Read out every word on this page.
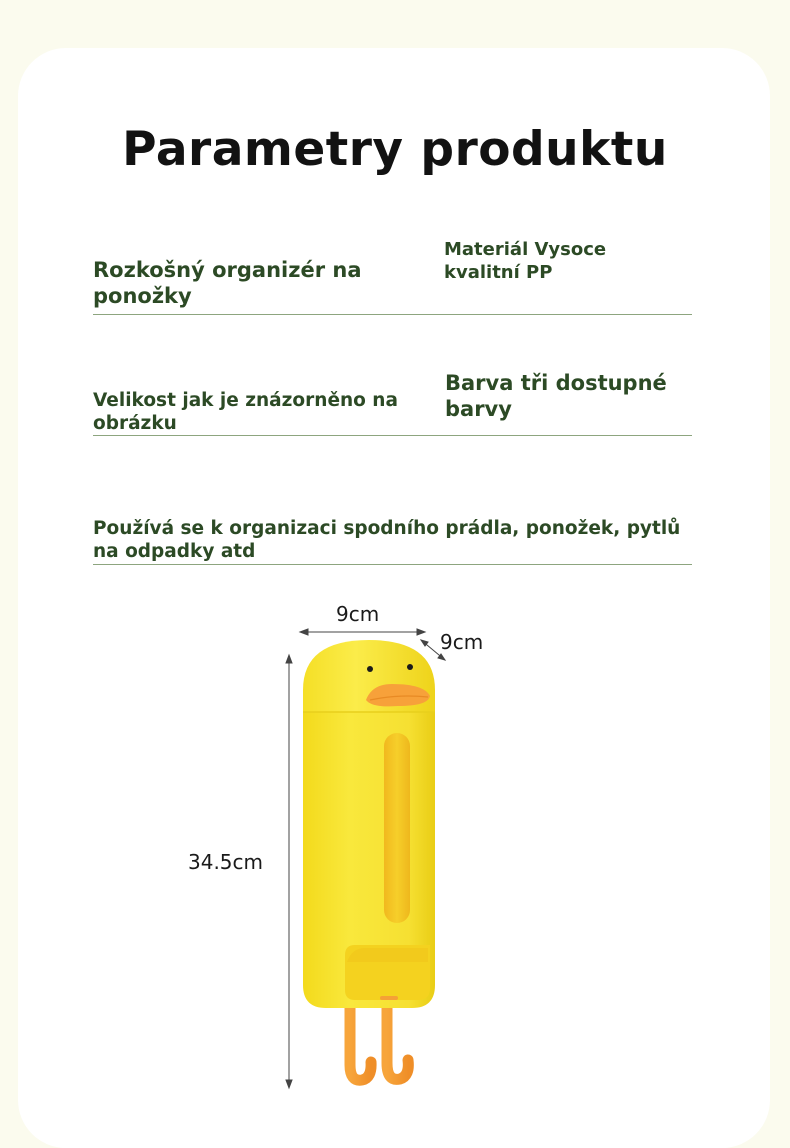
Parametry produktu
Rozkošný organizér na ponožky
Materiál Vysoce kvalitní PP
Velikost jak je znázorněno na obrázku
Barva tři dostupné barvy
Používá se k organizaci spodního prádla, ponožek, pytlů na odpadky atd
9cm
9cm
34.5cm
